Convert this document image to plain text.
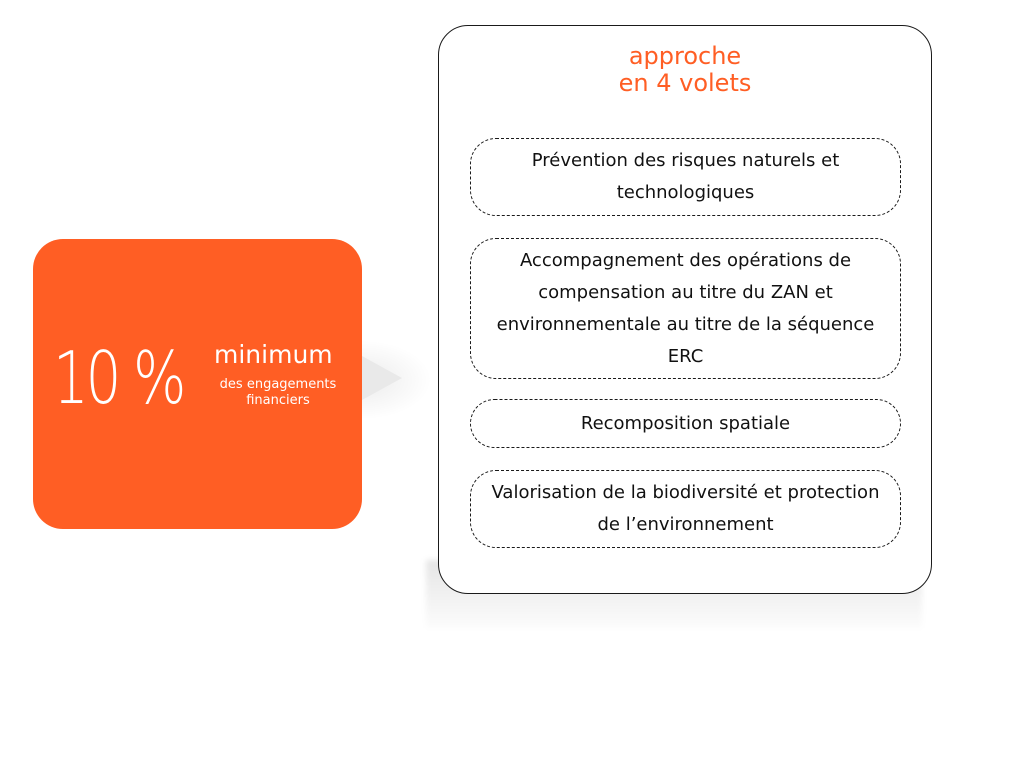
10 % minimum
des engagements financiers
approche
en 4 volets
Prévention des risques naturels et technologiques
Accompagnement des opérations de compensation au titre du ZAN et environnementale au titre de la séquence ERC
Recomposition spatiale
Valorisation de la biodiversité et protection de l’environnement
